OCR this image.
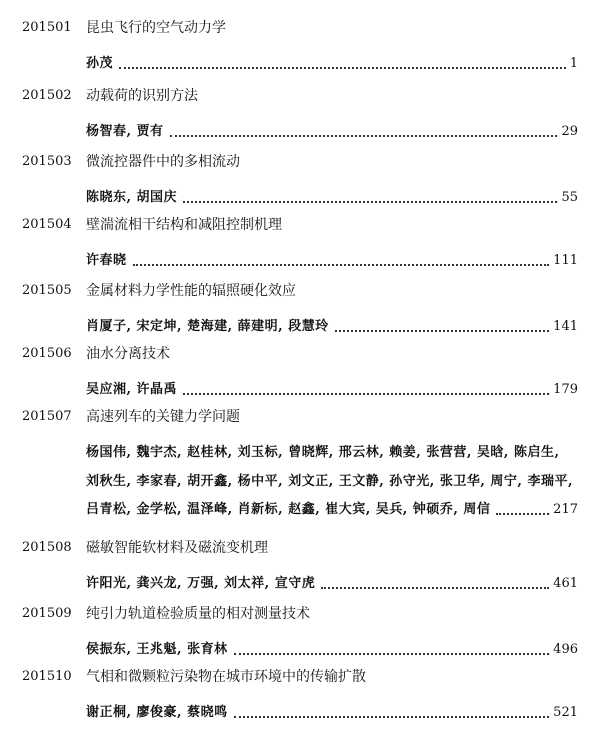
201501 昆虫飞行的空气动力学
孙茂	1
201502 动载荷的识别方法
杨智春, 贾有	29
201503 微流控器件中的多相流动
陈晓东, 胡国庆	55
201504 壁湍流相干结构和减阻控制机理
许春晓	111
201505 金属材料力学性能的辐照硬化效应
肖厦子, 宋定坤, 楚海建, 薛建明, 段慧玲	141
201506 油水分离技术
吴应湘, 许晶禹	179
201507 高速列车的关键力学问题
杨国伟, 魏宇杰, 赵桂林, 刘玉标, 曾晓辉, 邢云林, 赖姜, 张营营, 吴晗, 陈启生,
刘秋生, 李家春, 胡开鑫, 杨中平, 刘文正, 王文静, 孙守光, 张卫华, 周宁, 李瑞平,
吕青松, 金学松, 温泽峰, 肖新标, 赵鑫, 崔大宾, 吴兵, 钟硕乔, 周信	217
201508 磁敏智能软材料及磁流变机理
许阳光, 龚兴龙, 万强, 刘太祥, 宣守虎	461
201509 纯引力轨道检验质量的相对测量技术
侯振东, 王兆魁, 张育林	496
201510 气相和微颗粒污染物在城市环境中的传输扩散
谢正桐, 廖俊豪, 蔡晓鸣	521
